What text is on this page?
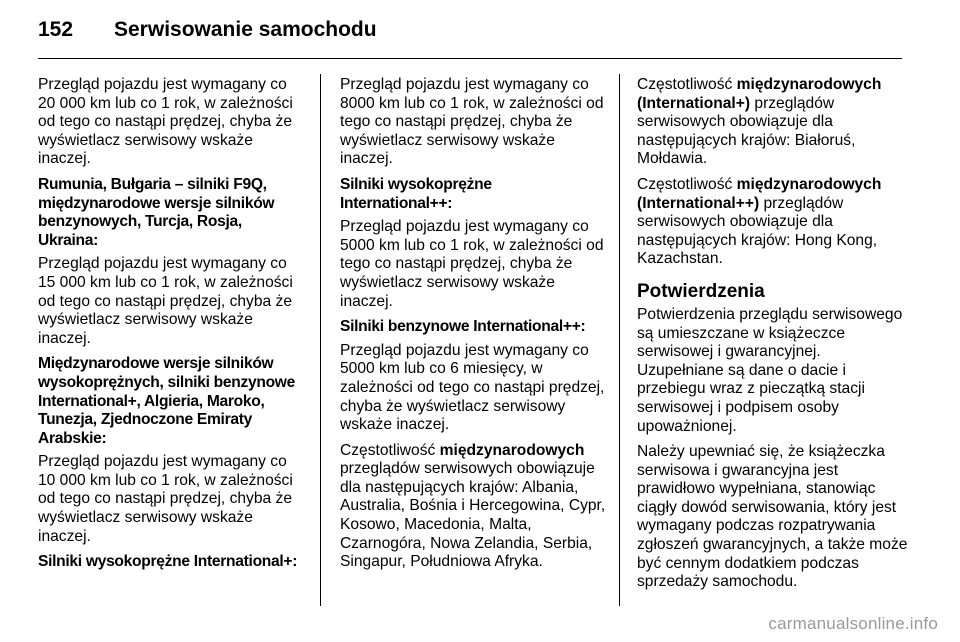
152 Serwisowanie samochodu

Przegląd pojazdu jest wymagany co 20 000 km lub co 1 rok, w zależności od tego co nastąpi prędzej, chyba że wyświetlacz serwisowy wskaże inaczej.

Rumunia, Bułgaria – silniki F9Q, międzynarodowe wersje silników benzynowych, Turcja, Rosja, Ukraina:

Przegląd pojazdu jest wymagany co 15 000 km lub co 1 rok, w zależności od tego co nastąpi prędzej, chyba że wyświetlacz serwisowy wskaże inaczej.

Międzynarodowe wersje silników wysokoprężnych, silniki benzynowe International+, Algieria, Maroko, Tunezja, Zjednoczone Emiraty Arabskie:

Przegląd pojazdu jest wymagany co 10 000 km lub co 1 rok, w zależności od tego co nastąpi prędzej, chyba że wyświetlacz serwisowy wskaże inaczej.

Silniki wysokoprężne International+:

Przegląd pojazdu jest wymagany co 8000 km lub co 1 rok, w zależności od tego co nastąpi prędzej, chyba że wyświetlacz serwisowy wskaże inaczej.

Silniki wysokoprężne International++:

Przegląd pojazdu jest wymagany co 5000 km lub co 1 rok, w zależności od tego co nastąpi prędzej, chyba że wyświetlacz serwisowy wskaże inaczej.

Silniki benzynowe International++:

Przegląd pojazdu jest wymagany co 5000 km lub co 6 miesięcy, w zależności od tego co nastąpi prędzej, chyba że wyświetlacz serwisowy wskaże inaczej.

Częstotliwość międzynarodowych przeglądów serwisowych obowiązuje dla następujących krajów: Albania, Australia, Bośnia i Hercegowina, Cypr, Kosowo, Macedonia, Malta, Czarnogóra, Nowa Zelandia, Serbia, Singapur, Południowa Afryka.

Częstotliwość międzynarodowych (International+) przeglądów serwisowych obowiązuje dla następujących krajów: Białoruś, Mołdawia.

Częstotliwość międzynarodowych (International++) przeglądów serwisowych obowiązuje dla następujących krajów: Hong Kong, Kazachstan.

Potwierdzenia

Potwierdzenia przeglądu serwisowego są umieszczane w książeczce serwisowej i gwarancyjnej. Uzupełniane są dane o dacie i przebiegu wraz z pieczątką stacji serwisowej i podpisem osoby upoważnionej.

Należy upewniać się, że książeczka serwisowa i gwarancyjna jest prawidłowo wypełniana, stanowiąc ciągły dowód serwisowania, który jest wymagany podczas rozpatrywania zgłoszeń gwarancyjnych, a także może być cennym dodatkiem podczas sprzedaży samochodu.

carmanualsonline.info
